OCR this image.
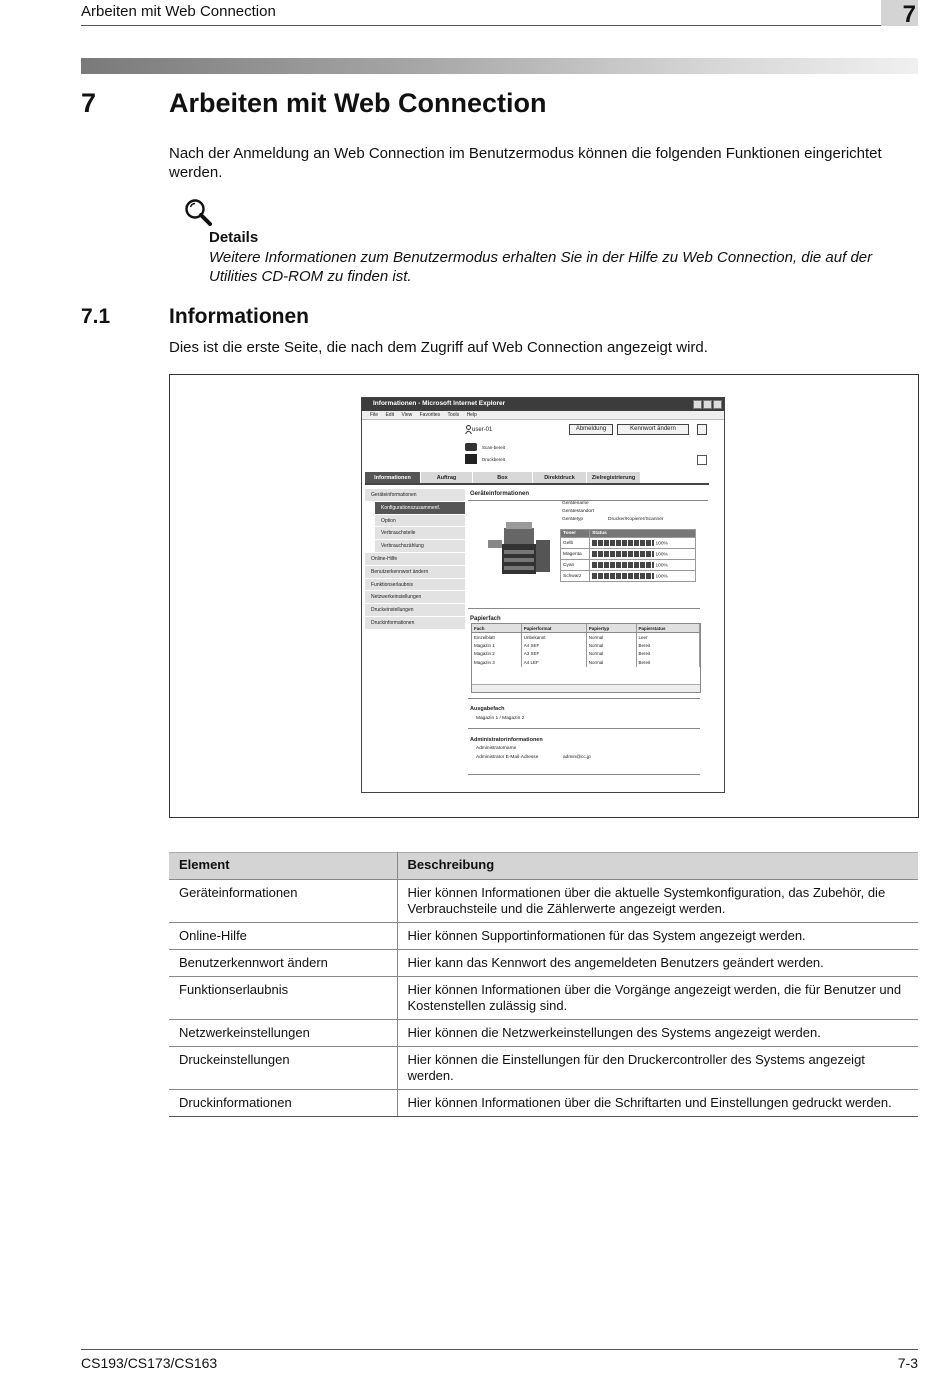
Arbeiten mit Web Connection	7
7	Arbeiten mit Web Connection

Nach der Anmeldung an Web Connection im Benutzermodus können die folgenden Funktionen eingerichtet werden.

Details

Weitere Informationen zum Benutzermodus erhalten Sie in der Hilfe zu Web Connection, die auf der Utilities CD-ROM zu finden ist.

7.1	Informationen

Dies ist die erste Seite, die nach dem Zugriff auf Web Connection angezeigt wird.

Informationen - Microsoft Internet Explorer
File Edit View Favorites Tools Help
user-01	Abmeldung	Kennwort ändern
Scan-bereit
Druckbereit
Informationen	Auftrag	Box	Direktdruck	Zielregistrierung
Geräteinformationen
Konfigurationszusammenf.
Option
Verbrauchsteile
Verbrauchszählung
Online-Hilfe
Benutzerkennwort ändern
Funktionserlaubnis
Netzwerkeinstellungen
Druckeinstellungen
Druckinformationen
Geräteinformationen
Gerätename
Gerätestandort
Gerätetyp	Drucker/Kopierer/Scanner
Toner	Status
Gelb	100%
Magenta	100%
Cyan	100%
Schwarz	100%
Papierfach
Fach	Papierformat	Papiertyp	Papierstatus
Einzelblatt	Unbekannt	Normal	Leer
Magazin 1	A4 SEF	Normal	Bereit
Magazin 2	A3 SEF	Normal	Bereit
Magazin 3	A4 LEF	Normal	Bereit
Ausgabefach
Magazin 1 / Magazin 2
Administratorinformationen
Administratorname
Administrator E-Mail-Adresse	admin@cc.jp
Element	Beschreibung
Geräteinformationen	Hier können Informationen über die aktuelle Systemkonfiguration, das Zubehör, die Verbrauchsteile und die Zählerwerte angezeigt werden.
Online-Hilfe	Hier können Supportinformationen für das System angezeigt werden.
Benutzerkennwort ändern	Hier kann das Kennwort des angemeldeten Benutzers geändert werden.
Funktionserlaubnis	Hier können Informationen über die Vorgänge angezeigt werden, die für Benutzer und Kostenstellen zulässig sind.
Netzwerkeinstellungen	Hier können die Netzwerkeinstellungen des Systems angezeigt werden.
Druckeinstellungen	Hier können die Einstellungen für den Druckercontroller des Systems angezeigt werden.
Druckinformationen	Hier können Informationen über die Schriftarten und Einstellungen gedruckt werden.
CS193/CS173/CS163	7-3
